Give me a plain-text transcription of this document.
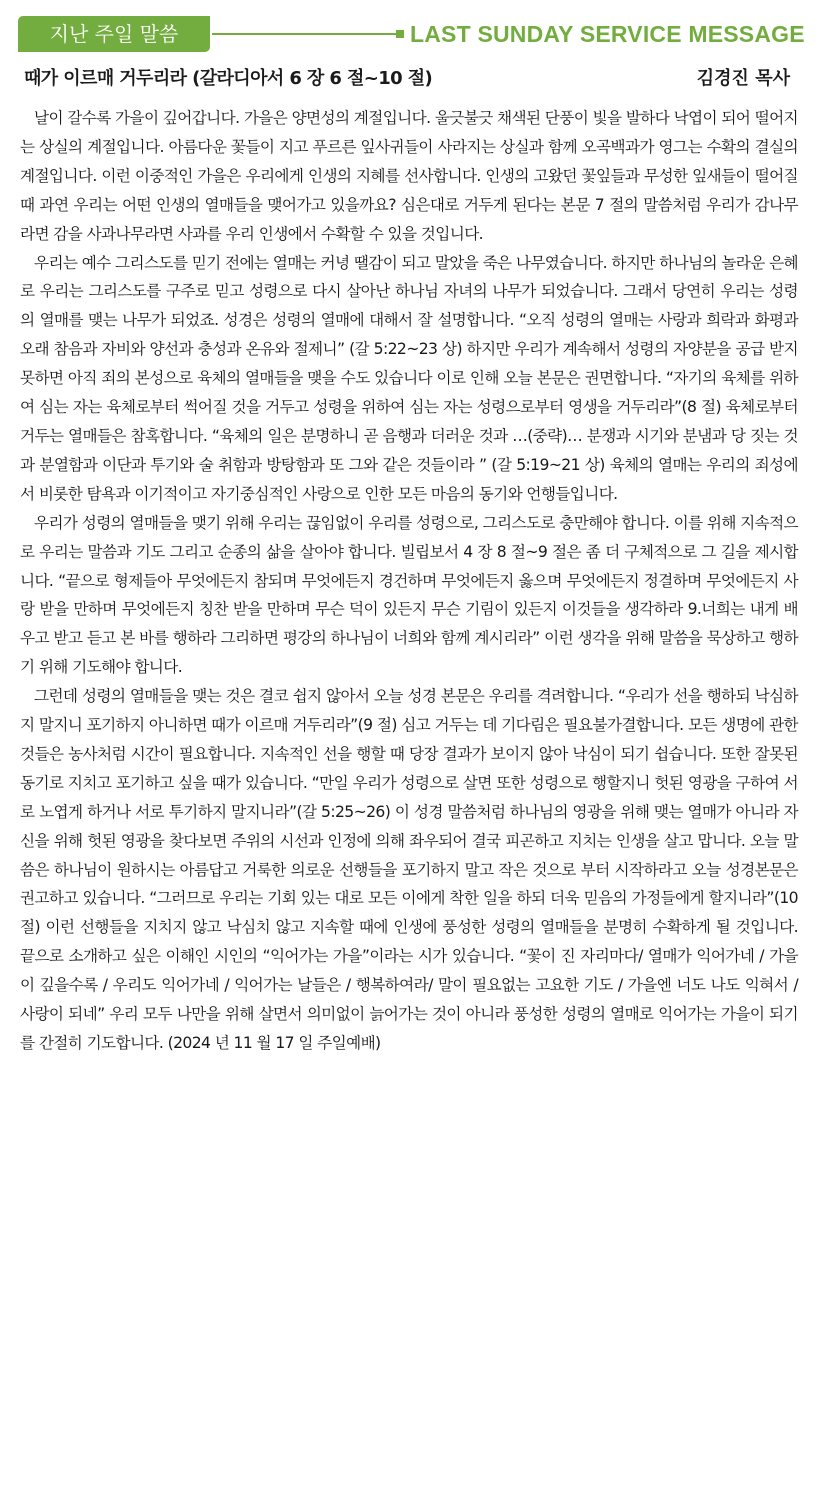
지난 주일 말씀	LAST SUNDAY SERVICE MESSAGE
때가 이르매 거두리라 (갈라디아서 6 장 6 절~10 절)	김경진 목사

날이 갈수록 가을이 깊어갑니다. 가을은 양면성의 계절입니다. 울긋불긋 채색된 단풍이 빛을 발하다 낙엽이 되어 떨어지는 상실의 계절입니다. 아름다운 꽃들이 지고 푸르른 잎사귀들이 사라지는 상실과 함께 오곡백과가 영그는 수확의 결실의 계절입니다. 이런 이중적인 가을은 우리에게 인생의 지혜를 선사합니다. 인생의 고왔던 꽃잎들과 무성한 잎새들이 떨어질 때 과연 우리는 어떤 인생의 열매들을 맺어가고 있을까요? 심은대로 거두게 된다는 본문 7 절의 말씀처럼 우리가 감나무라면 감을 사과나무라면 사과를 우리 인생에서 수확할 수 있을 것입니다.

우리는 예수 그리스도를 믿기 전에는 열매는 커녕 땔감이 되고 말았을 죽은 나무였습니다. 하지만 하나님의 놀라운 은혜로 우리는 그리스도를 구주로 믿고 성령으로 다시 살아난 하나님 자녀의 나무가 되었습니다. 그래서 당연히 우리는 성령의 열매를 맺는 나무가 되었죠. 성경은 성령의 열매에 대해서 잘 설명합니다. “오직 성령의 열매는 사랑과 희락과 화평과 오래 참음과 자비와 양선과 충성과 온유와 절제니” (갈 5:22~23 상) 하지만 우리가 계속해서 성령의 자양분을 공급 받지 못하면 아직 죄의 본성으로 육체의 열매들을 맺을 수도 있습니다 이로 인해 오늘 본문은 권면합니다. “자기의 육체를 위하여 심는 자는 육체로부터 썩어질 것을 거두고 성령을 위하여 심는 자는 성령으로부터 영생을 거두리라”(8 절) 육체로부터 거두는 열매들은 참혹합니다. “육체의 일은 분명하니 곧 음행과 더러운 것과 …(중략)… 분쟁과 시기와 분냄과 당 짓는 것과 분열함과 이단과 투기와 술 취함과 방탕함과 또 그와 같은 것들이라 ” (갈 5:19~21 상) 육체의 열매는 우리의 죄성에서 비롯한 탐욕과 이기적이고 자기중심적인 사랑으로 인한 모든 마음의 동기와 언행들입니다.

우리가 성령의 열매들을 맺기 위해 우리는 끊임없이 우리를 성령으로, 그리스도로 충만해야 합니다. 이를 위해 지속적으로 우리는 말씀과 기도 그리고 순종의 삶을 살아야 합니다. 빌립보서 4 장 8 절~9 절은 좀 더 구체적으로 그 길을 제시합니다. “끝으로 형제들아 무엇에든지 참되며 무엇에든지 경건하며 무엇에든지 옳으며 무엇에든지 정결하며 무엇에든지 사랑 받을 만하며 무엇에든지 칭찬 받을 만하며 무슨 덕이 있든지 무슨 기림이 있든지 이것들을 생각하라 9.너희는 내게 배우고 받고 듣고 본 바를 행하라 그리하면 평강의 하나님이 너희와 함께 계시리라” 이런 생각을 위해 말씀을 묵상하고 행하기 위해 기도해야 합니다.

그런데 성령의 열매들을 맺는 것은 결코 쉽지 않아서 오늘 성경 본문은 우리를 격려합니다. “우리가 선을 행하되 낙심하지 말지니 포기하지 아니하면 때가 이르매 거두리라”(9 절) 심고 거두는 데 기다림은 필요불가결합니다. 모든 생명에 관한 것들은 농사처럼 시간이 필요합니다. 지속적인 선을 행할 때 당장 결과가 보이지 않아 낙심이 되기 쉽습니다. 또한 잘못된 동기로 지치고 포기하고 싶을 때가 있습니다. “만일 우리가 성령으로 살면 또한 성령으로 행할지니 헛된 영광을 구하여 서로 노엽게 하거나 서로 투기하지 말지니라”(갈 5:25~26) 이 성경 말씀처럼 하나님의 영광을 위해 맺는 열매가 아니라 자신을 위해 헛된 영광을 찾다보면 주위의 시선과 인정에 의해 좌우되어 결국 피곤하고 지치는 인생을 살고 맙니다. 오늘 말씀은 하나님이 원하시는 아름답고 거룩한 의로운 선행들을 포기하지 말고 작은 것으로 부터 시작하라고 오늘 성경본문은 권고하고 있습니다. “그러므로 우리는 기회 있는 대로 모든 이에게 착한 일을 하되 더욱 믿음의 가정들에게 할지니라”(10 절) 이런 선행들을 지치지 않고 낙심치 않고 지속할 때에 인생에 풍성한 성령의 열매들을 분명히 수확하게 될 것입니다. 끝으로 소개하고 싶은 이해인 시인의 “익어가는 가을”이라는 시가 있습니다. “꽃이 진 자리마다/ 열매가 익어가네 / 가을이 깊을수록 / 우리도 익어가네 / 익어가는 날들은 / 행복하여라/ 말이 필요없는 고요한 기도 / 가을엔 너도 나도 익혀서 / 사랑이 되네” 우리 모두 나만을 위해 살면서 의미없이 늙어가는 것이 아니라 풍성한 성령의 열매로 익어가는 가을이 되기를 간절히 기도합니다. (2024 년 11 월 17 일 주일예배)
